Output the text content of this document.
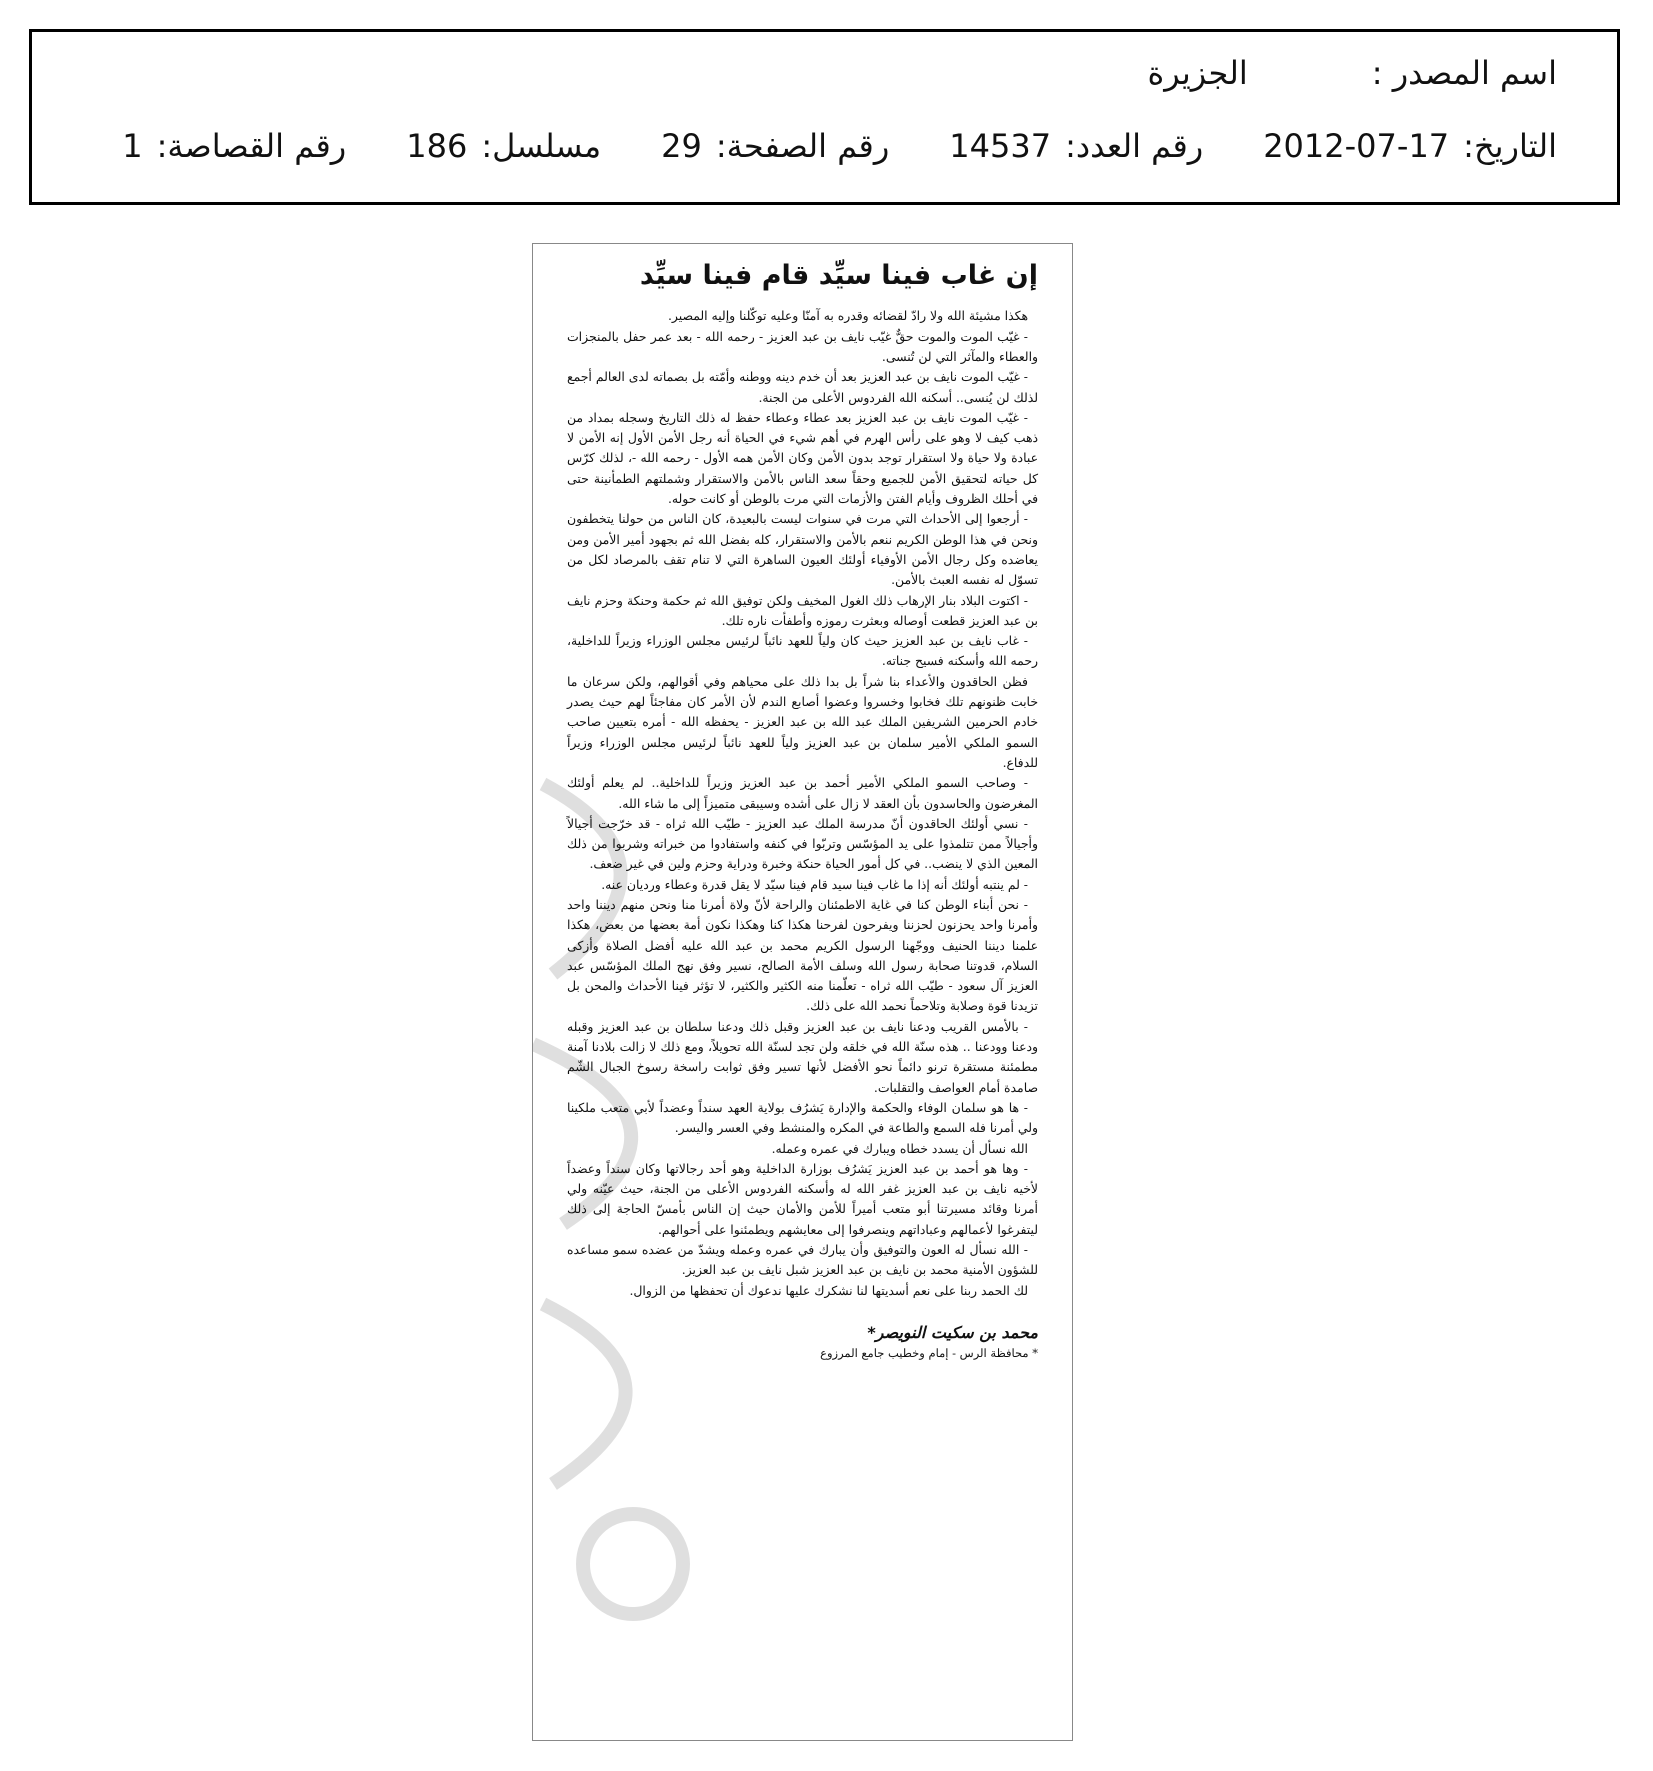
اسم المصدر :
الجزيرة
التاريخ:
2012-07-17
رقم العدد:
14537
رقم الصفحة:
29
مسلسل:
186
رقم القصاصة:
1
إن غاب فينا سيِّد قام فينا سيِّد

هكذا مشيئة الله ولا رادّ لقضائه وقدره به آمنّا وعليه توكّلنا وإليه المصير.

- غيّب الموت والموت حقٌّ غيّب نايف بن عبد العزيز - رحمه الله - بعد عمر حفل بالمنجزات والعطاء والمآثر التي لن تُنسى.

- غيّب الموت نايف بن عبد العزيز بعد أن خدم دينه ووطنه وأمّته بل بصماته لدى العالم أجمع لذلك لن يُنسى.. أسكنه الله الفردوس الأعلى من الجنة.

- غيّب الموت نايف بن عبد العزيز بعد عطاء وعطاء حفظ له ذلك التاريخ وسجله بمداد من ذهب كيف لا وهو على رأس الهرم في أهم شيء في الحياة أنه رجل الأمن الأول إنه الأمن لا عبادة ولا حياة ولا استقرار توجد بدون الأمن وكان الأمن همه الأول - رحمه الله -، لذلك كرّس كل حياته لتحقيق الأمن للجميع وحقاً سعد الناس بالأمن والاستقرار وشملتهم الطمأنينة حتى في أحلك الظروف وأيام الفتن والأزمات التي مرت بالوطن أو كانت حوله.

- أرجعوا إلى الأحداث التي مرت في سنوات ليست بالبعيدة، كان الناس من حولنا يتخطفون ونحن في هذا الوطن الكريم ننعم بالأمن والاستقرار، كله بفضل الله ثم بجهود أمير الأمن ومن يعاضده وكل رجال الأمن الأوفياء أولئك العيون الساهرة التي لا تنام تقف بالمرصاد لكل من تسوّل له نفسه العبث بالأمن.

- اكتوت البلاد بنار الإرهاب ذلك الغول المخيف ولكن توفيق الله ثم حكمة وحنكة وحزم نايف بن عبد العزيز قطعت أوصاله وبعثرت رموزه وأطفأت ناره تلك.

- غاب نايف بن عبد العزيز حيث كان ولياً للعهد نائباً لرئيس مجلس الوزراء وزيراً للداخلية، رحمه الله وأسكنه فسيح جناته.

فظن الحاقدون والأعداء بنا شراً بل بدا ذلك على محياهم وفي أقوالهم، ولكن سرعان ما خابت ظنونهم تلك فخابوا وخسروا وعضوا أصابع الندم لأن الأمر كان مفاجئاً لهم حيث يصدر خادم الحرمين الشريفين الملك عبد الله بن عبد العزيز - يحفظه الله - أمره بتعيين صاحب السمو الملكي الأمير سلمان بن عبد العزيز ولياً للعهد نائباً لرئيس مجلس الوزراء وزيراً للدفاع.

- وصاحب السمو الملكي الأمير أحمد بن عبد العزيز وزيراً للداخلية.. لم يعلم أولئك المغرضون والحاسدون بأن العقد لا زال على أشده وسيبقى متميزاً إلى ما شاء الله.

- نسي أولئك الحاقدون أنّ مدرسة الملك عبد العزيز - طيّب الله ثراه - قد خرّجت أجيالاً وأجيالاً ممن تتلمذوا على يد المؤسّس وتربّوا في كنفه واستفادوا من خبراته وشربوا من ذلك المعين الذي لا ينضب.. في كل أمور الحياة حنكة وخبرة ودراية وحزم ولين في غير ضعف.

- لم ينتبه أولئك أنه إذا ما غاب فينا سيد قام فينا سيّد لا يقل قدرة وعطاء ورديان عنه.

- نحن أبناء الوطن كنا في غاية الاطمئنان والراحة لأنّ ولاة أمرنا منا ونحن منهم ديننا واحد وأمرنا واحد يحزنون لحزننا ويفرحون لفرحنا هكذا كنا وهكذا نكون أمة بعضها من بعض، هكذا علمنا ديننا الحنيف ووجّهنا الرسول الكريم محمد بن عبد الله عليه أفضل الصلاة وأزكى السلام، قدوتنا صحابة رسول الله وسلف الأمة الصالح، نسير وفق نهج الملك المؤسّس عبد العزيز آل سعود - طيّب الله ثراه - تعلّمنا منه الكثير والكثير، لا تؤثر فينا الأحداث والمحن بل تزيدنا قوة وصلابة وتلاحماً نحمد الله على ذلك.

- بالأمس القريب ودعنا نايف بن عبد العزيز وقبل ذلك ودعنا سلطان بن عبد العزيز وقبله ودعنا وودعنا .. هذه سنّة الله في خلقه ولن تجد لسنّة الله تحويلاً، ومع ذلك لا زالت بلادنا آمنة مطمئنة مستقرة ترنو دائماً نحو الأفضل لأنها تسير وفق ثوابت راسخة رسوخ الجبال الشّم صامدة أمام العواصف والتقلبات.

- ها هو سلمان الوفاء والحكمة والإدارة يَشرُف بولاية العهد سنداً وعضداً لأبي متعب ملكينا ولي أمرنا فله السمع والطاعة في المكره والمنشط وفي العسر واليسر.

الله نسأل أن يسدد خطاه ويبارك في عمره وعمله.

- وها هو أحمد بن عبد العزيز يَشرُف بوزارة الداخلية وهو أحد رجالاتها وكان سنداً وعضداً لأخيه نايف بن عبد العزيز غفر الله له وأسكنه الفردوس الأعلى من الجنة، حيث عيّنه ولي أمرنا وقائد مسيرتنا أبو متعب أميراً للأمن والأمان حيث إن الناس بأمسّ الحاجة إلى ذلك ليتفرغوا لأعمالهم وعباداتهم وينصرفوا إلى معايشهم ويطمئنوا على أحوالهم.

- الله نسأل له العون والتوفيق وأن يبارك في عمره وعمله ويشدّ من عضده سمو مساعده للشؤون الأمنية محمد بن نايف بن عبد العزيز شبل نايف بن عبد العزيز.

لك الحمد ربنا على نعم أسديتها لنا نشكرك عليها ندعوك أن تحفظها من الزوال.

محمد بن سكيت النويصر*
* محافظة الرس - إمام وخطيب جامع المرزوع
